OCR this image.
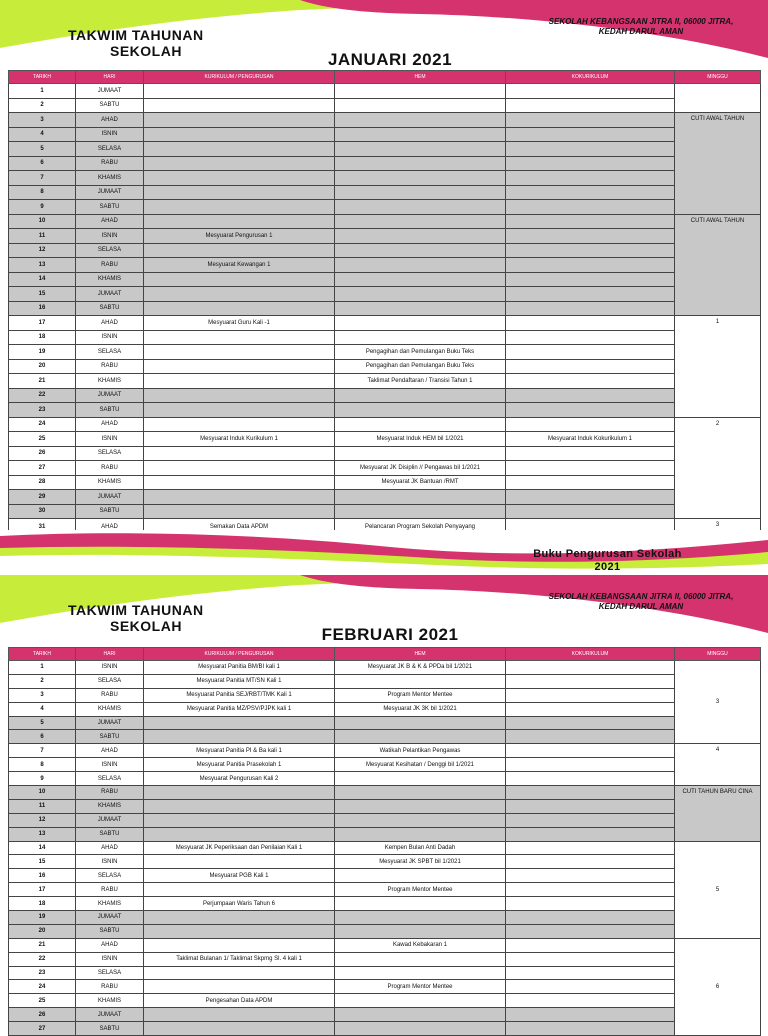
SEKOLAH KEBANGSAAN JITRA II, 06000 JITRA, KEDAH DARUL AMAN
TAKWIM TAHUNAN
SEKOLAH	JANUARI 2021
TARIKH	HARI	KURIKULUM / PENGURUSAN	HEM	KOKURIKULUM	MINGGU
1	JUMAAT				
2	SABTU				
3	AHAD				CUTI AWAL TAHUN
4	ISNIN				
5	SELASA				
6	RABU				
7	KHAMIS				
8	JUMAAT				
9	SABTU				
10	AHAD				CUTI AWAL TAHUN
11	ISNIN	Mesyuarat Pengurusan 1			
12	SELASA				
13	RABU	Mesyuarat Kewangan 1			
14	KHAMIS				
15	JUMAAT				
16	SABTU				
17	AHAD	Mesyuarat Guru Kali -1			1
18	ISNIN				
19	SELASA		Pengagihan dan Pemulangan Buku Teks		
20	RABU		Pengagihan dan Pemulangan Buku Teks		
21	KHAMIS		Taklimat Pendaftaran / Transisi Tahun 1		
22	JUMAAT				
23	SABTU				
24	AHAD				2
25	ISNIN	Mesyuarat Induk Kurikulum 1	Mesyuarat Induk HEM bil 1/2021	Mesyuarat Induk Kokurikulum 1	
26	SELASA				
27	RABU		Mesyuarat JK Disiplin // Pengawas bil 1/2021		
28	KHAMIS		Mesyuarat JK Bantuan /RMT		
29	JUMAAT				
30	SABTU				
31	AHAD	Semakan Data APDM	Pelancaran Program Sekolah Penyayang		3
Buku Pengurusan Sekolah
2021
SEKOLAH KEBANGSAAN JITRA II, 06000 JITRA, KEDAH DARUL AMAN
TAKWIM TAHUNAN
SEKOLAH	FEBRUARI 2021
TARIKH	HARI	KURIKULUM / PENGURUSAN	HEM	KOKURIKULUM	MINGGU
1	ISNIN	Mesyuarat Panitia BM/BI kali 1	Mesyuarat JK B & K & PPDa bil 1/2021		3
2	SELASA	Mesyuarat Panitia MT/SN Kali 1			
3	RABU	Mesyuarat Panitia SEJ/RBT/TMK Kali 1	Program Mentor Mentee		
4	KHAMIS	Mesyuarat Panitia MZ/PSV/PJPK kali 1	Mesyuarat JK 3K bil 1/2021		
5	JUMAAT				
6	SABTU				
7	AHAD	Mesyuarat Panitia PI & Ba kali 1	Watikah Pelantikan Pengawas		4
8	ISNIN	Mesyuarat Panitia Prasekolah 1	Mesyuarat Kesihatan / Denggi bil 1/2021		
9	SELASA	Mesyuarat Pengurusan Kali 2			
10	RABU				CUTI TAHUN BARU CINA
11	KHAMIS				
12	JUMAAT				
13	SABTU				
14	AHAD	Mesyuarat JK Peperiksaan dan Penilaian Kali 1	Kempen Bulan Anti Dadah		5
15	ISNIN		Mesyuarat JK SPBT bil 1/2021		
16	SELASA	Mesyuarat PGB Kali 1			
17	RABU		Program Mentor Mentee		
18	KHAMIS	Perjumpaan Waris Tahun 6			
19	JUMAAT				
20	SABTU				
21	AHAD		Kawad Kebakaran 1		6
22	ISNIN	Taklimat Bulanan 1/ Taklimat Skpmg Sl. 4 kali 1			
23	SELASA				
24	RABU		Program Mentor Mentee		
25	KHAMIS	Pengesahan Data APDM			
26	JUMAAT				
27	SABTU				
